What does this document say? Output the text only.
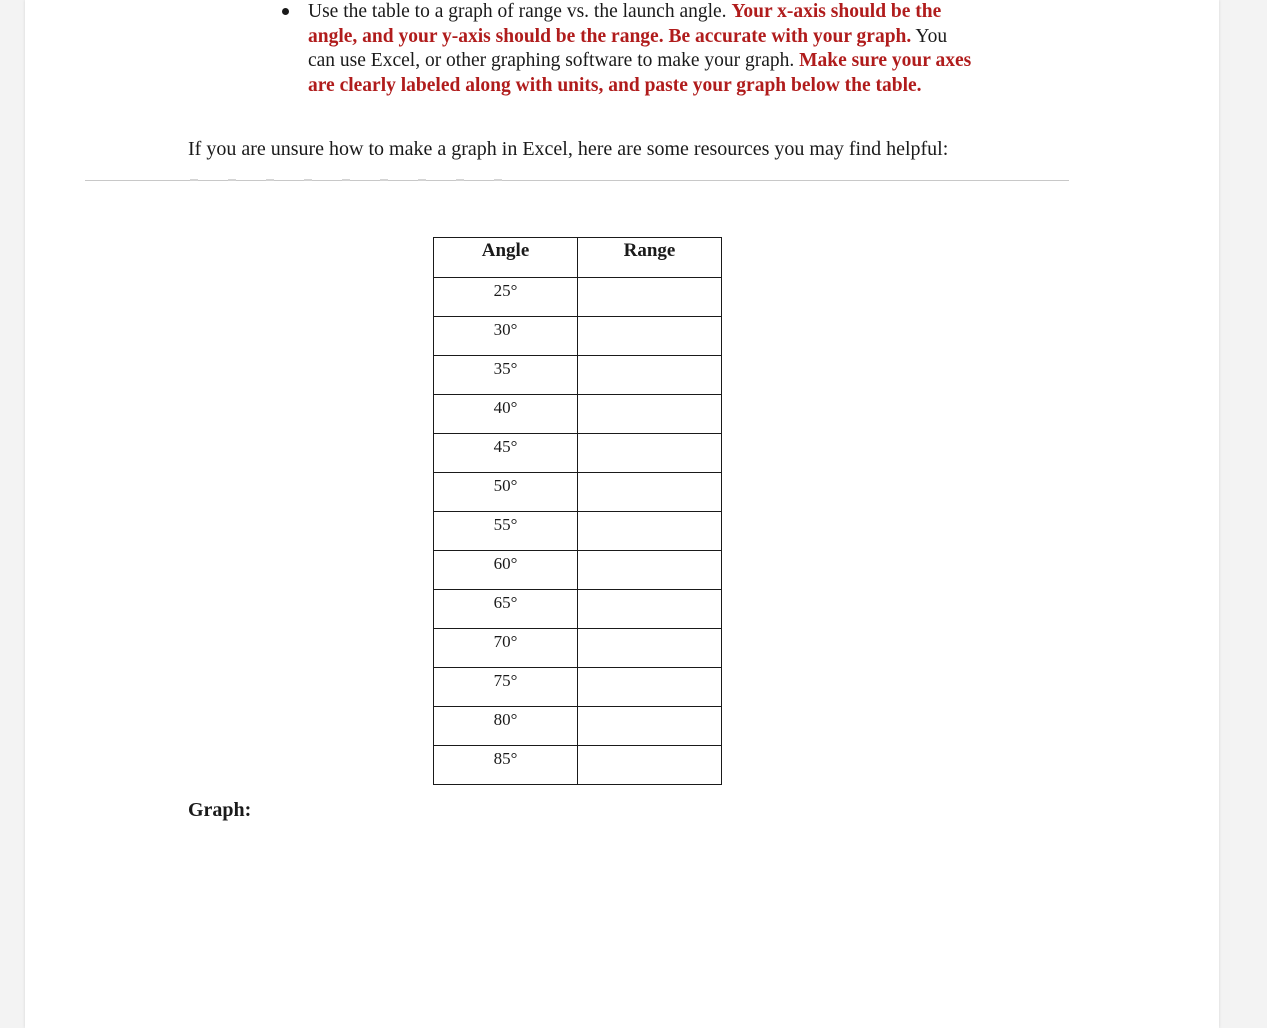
Use the table to a graph of range vs. the launch angle. Your x-axis should be the angle, and your y-axis should be the range. Be accurate with your graph. You can use Excel, or other graphing software to make your graph. Make sure your axes are clearly labeled along with units, and paste your graph below the table.
If you are unsure how to make a graph in Excel, here are some resources you may find helpful:
Angle	Range
25°	
30°	
35°	
40°	
45°	
50°	
55°	
60°	
65°	
70°	
75°	
80°	
85°	
Graph:
